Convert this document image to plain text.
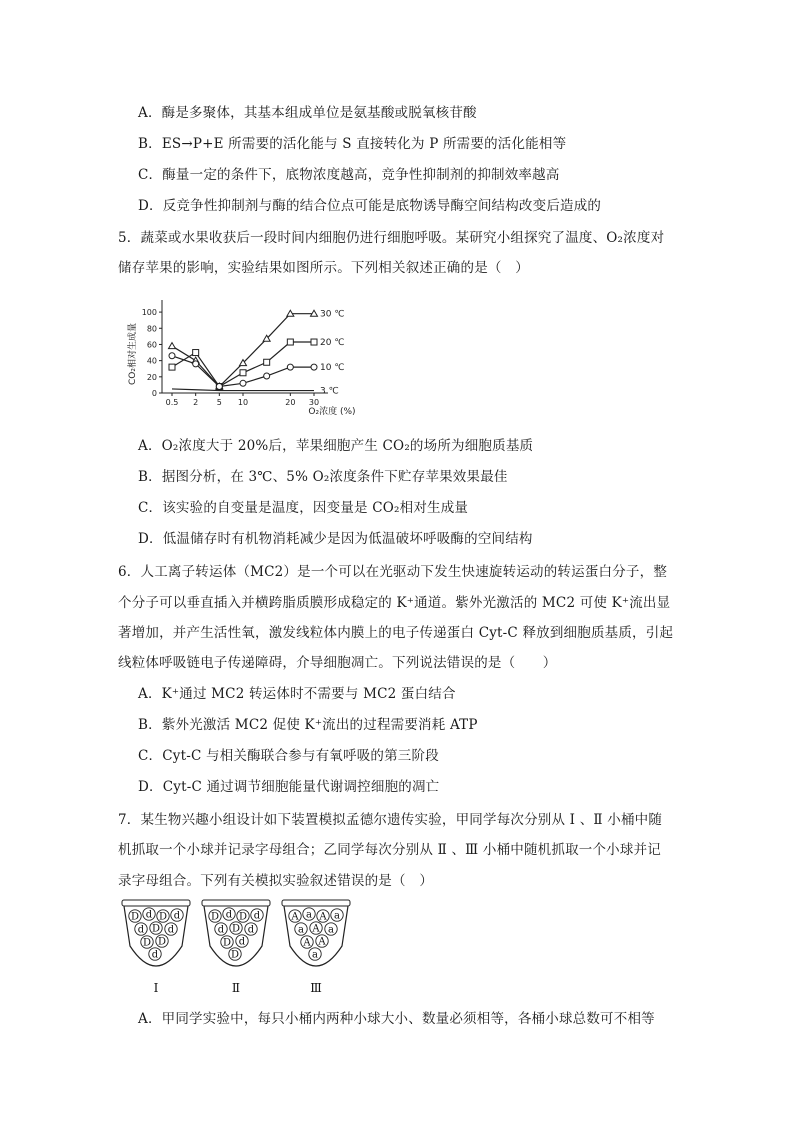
A．酶是多聚体，其基本组成单位是氨基酸或脱氧核苷酸
B．ES→P+E 所需要的活化能与 S 直接转化为 P 所需要的活化能相等
C．酶量一定的条件下，底物浓度越高，竞争性抑制剂的抑制效率越高
D．反竞争性抑制剂与酶的结合位点可能是底物诱导酶空间结构改变后造成的
5．蔬菜或水果收获后一段时间内细胞仍进行细胞呼吸。某研究小组探究了温度、O₂浓度对
储存苹果的影响，实验结果如图所示。下列相关叙述正确的是（　）
CO₂相对生成量
O₂浓度 (%)
0
20
40
60
80
100
0.5 2 5 10	20 30
30 ℃
20 ℃
10 ℃
3 ℃
A．O₂浓度大于 20%后，苹果细胞产生 CO₂的场所为细胞质基质
B．据图分析，在 3℃、5% O₂浓度条件下贮存苹果效果最佳
C．该实验的自变量是温度，因变量是 CO₂相对生成量
D．低温储存时有机物消耗减少是因为低温破坏呼吸酶的空间结构
6．人工离子转运体（MC2）是一个可以在光驱动下发生快速旋转运动的转运蛋白分子，整
个分子可以垂直插入并横跨脂质膜形成稳定的 K⁺通道。紫外光激活的 MC2 可使 K⁺流出显
著增加，并产生活性氧，激发线粒体内膜上的电子传递蛋白 Cyt-C 释放到细胞质基质，引起
线粒体呼吸链电子传递障碍，介导细胞凋亡。下列说法错误的是（　　）
A．K⁺通过 MC2 转运体时不需要与 MC2 蛋白结合
B．紫外光激活 MC2 促使 K⁺流出的过程需要消耗 ATP
C．Cyt-C 与相关酶联合参与有氧呼吸的第三阶段
D．Cyt-C 通过调节细胞能量代谢调控细胞的凋亡
7．某生物兴趣小组设计如下装置模拟孟德尔遗传实验，甲同学每次分别从 Ⅰ 、Ⅱ 小桶中随
机抓取一个小球并记录字母组合；乙同学每次分别从 Ⅱ 、Ⅲ 小桶中随机抓取一个小球并记
录字母组合。下列有关模拟实验叙述错误的是（　）
D d D d
d D d
D D
d
Ⅰ
D d D d
d D d
D d
D
Ⅱ
A a A a
a A a
A A
a
Ⅲ
A．甲同学实验中，每只小桶内两种小球大小、数量必须相等，各桶小球总数可不相等
